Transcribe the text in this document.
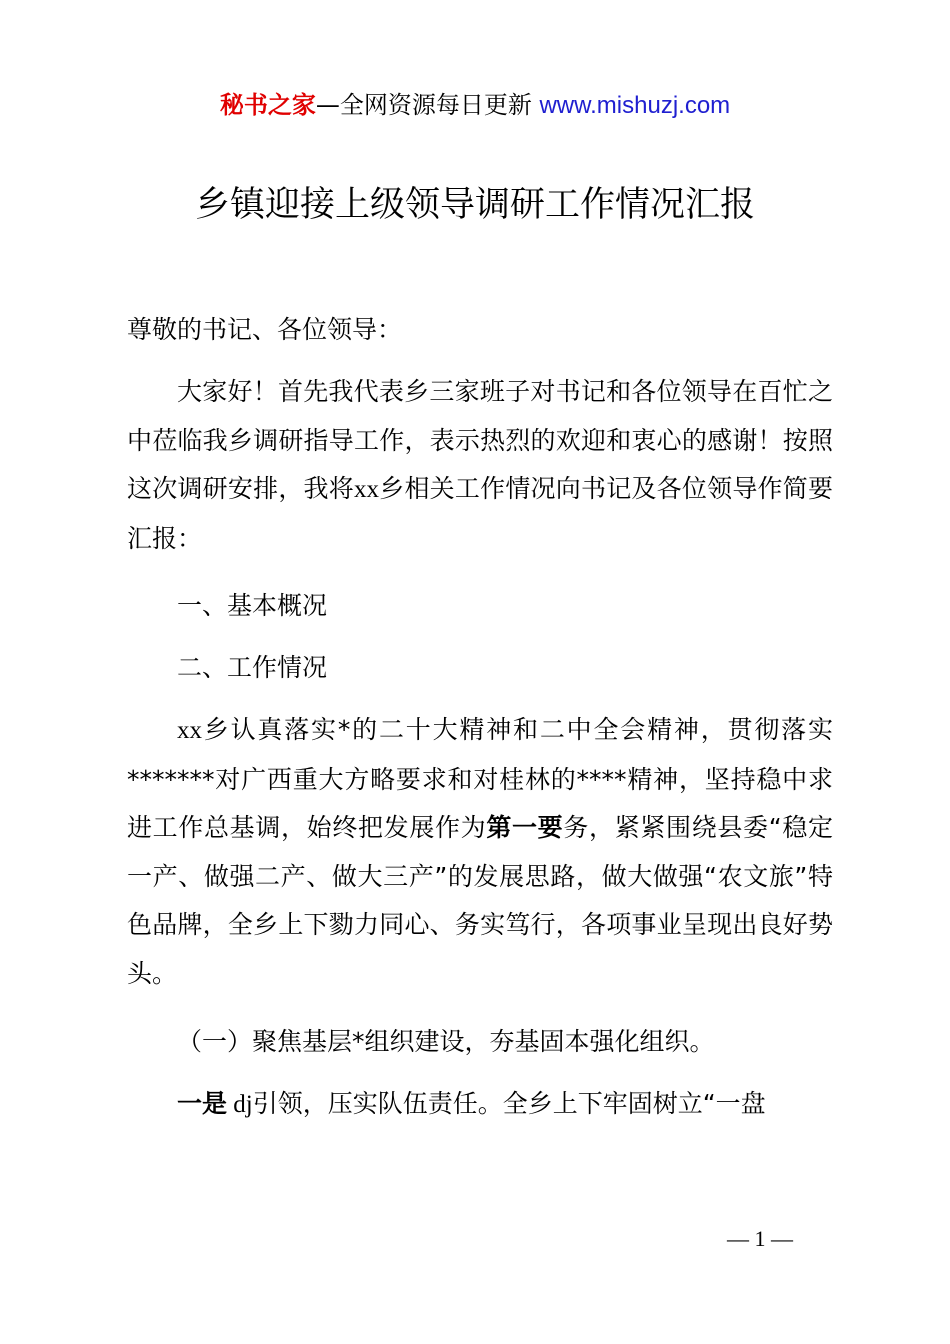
秘书之家—全网资源每日更新 www.mishuzj.com
乡镇迎接上级领导调研工作情况汇报
尊敬的书记、各位领导：

大家好！首先我代表乡三家班子对书记和各位领导在百忙之中莅临我乡调研指导工作，表示热烈的欢迎和衷心的感谢！按照这次调研安排，我将xx乡相关工作情况向书记及各位领导作简要汇报：

一、基本概况
二、工作情况

xx乡认真落实*的二十大精神和二中全会精神，贯彻落实*******对广西重大方略要求和对桂林的****精神，坚持稳中求进工作总基调，始终把发展作为第一要务，紧紧围绕县委“稳定一产、做强二产、做大三产”的发展思路，做大做强“农文旅”特色品牌，全乡上下勠力同心、务实笃行，各项事业呈现出良好势头。

（一）聚焦基层*组织建设，夯基固本强化组织。

一是 dj引领，压实队伍责任。全乡上下牢固树立“一盘

— 1 —
